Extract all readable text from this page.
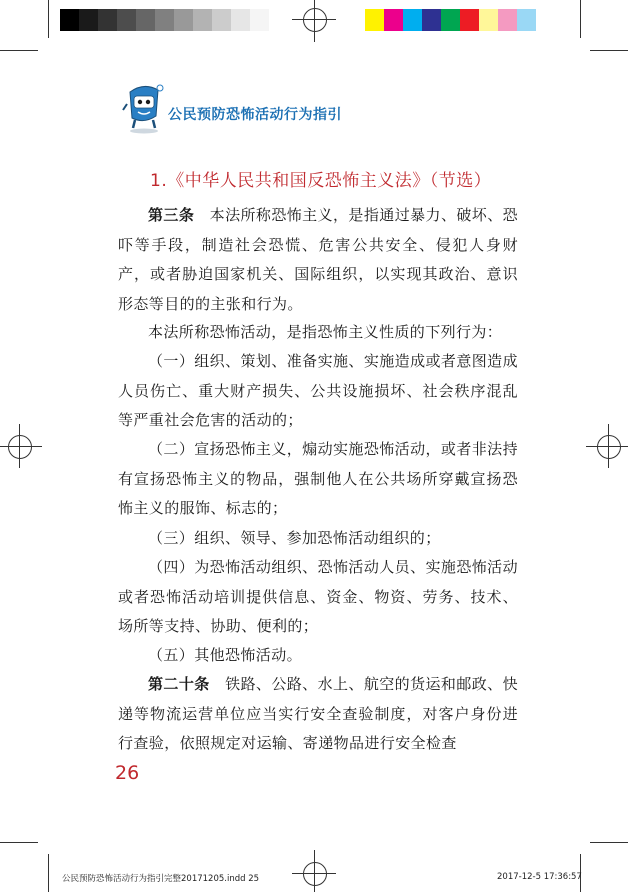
公民预防恐怖活动行为指引
1.《中华人民共和国反恐怖主义法》（节选）
第三条　本法所称恐怖主义，是指通过暴力、破坏、恐吓等手段，制造社会恐慌、危害公共安全、侵犯人身财产，或者胁迫国家机关、国际组织，以实现其政治、意识形态等目的的主张和行为。
本法所称恐怖活动，是指恐怖主义性质的下列行为：
（一）组织、策划、准备实施、实施造成或者意图造成人员伤亡、重大财产损失、公共设施损坏、社会秩序混乱等严重社会危害的活动的；
（二）宣扬恐怖主义，煽动实施恐怖活动，或者非法持有宣扬恐怖主义的物品，强制他人在公共场所穿戴宣扬恐怖主义的服饰、标志的；
（三）组织、领导、参加恐怖活动组织的；
（四）为恐怖活动组织、恐怖活动人员、实施恐怖活动或者恐怖活动培训提供信息、资金、物资、劳务、技术、场所等支持、协助、便利的；
（五）其他恐怖活动。
第二十条　铁路、公路、水上、航空的货运和邮政、快递等物流运营单位应当实行安全查验制度，对客户身份进行查验，依照规定对运输、寄递物品进行安全检查
26
公民预防恐怖活动行为指引完整20171205.indd 25	2017-12-5 17:36:57
